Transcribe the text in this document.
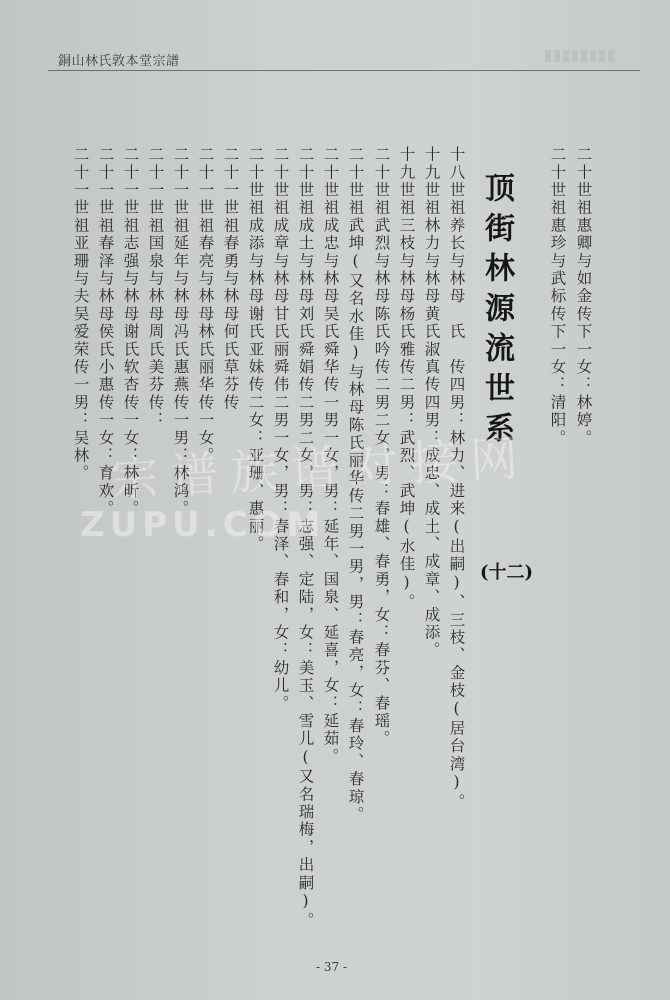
銅山林氏敦本堂宗譜
二十世祖惠卿与如金传下一女：林婷。
二十世祖惠珍与武标传下一女：清阳。
顶街林源流世系
(十二)
十八世祖养长与林母　氏　传四男：林力、进来(出嗣)、三枝、金枝(居台湾)。
十九世祖林力与林母黄氏淑真传四男：成忠、成土、成章、成添。
十九世祖三枝与林母杨氏雅传二男：武烈、武坤(水佳)。
二十世祖武烈与林母陈氏吟传二男二女，男：春雄、春勇，女：春芬、春瑶。
二十世祖武坤(又名水佳)与林母陈氏丽华传二男一男，男：春亮，女：春玲、春琼。
二十世祖成忠与林母吴氏舜华传一男一女，男：延年、国泉、延喜，女：延茹。
二十世祖成土与林母刘氏舜娟传二男二女，男：志强、定陆，女：美玉、雪儿(又名瑞梅，出嗣)。
二十世祖成章与林母甘氏丽舜伟二男一女，男：春泽、春和，女：幼儿。
二十世祖成添与林母谢氏亚妹传二女：亚珊、惠丽。
二十一世祖春勇与林母何氏草芬传
二十一世祖春亮与林母林氏丽华传一女。
二十一世祖延年与林母冯氏惠燕传一男：林鸿。
二十一世祖国泉与林母周氏美芬传：
二十一世祖志强与林母谢氏软杏传一女：林昕。
二十一世祖春泽与林母侯氏小惠传一女：育欢。
二十一世祖亚珊与夫吴爱荣传一男：吴林。 宗谱族谱对接网
ZUPU.COM
- 37 -
